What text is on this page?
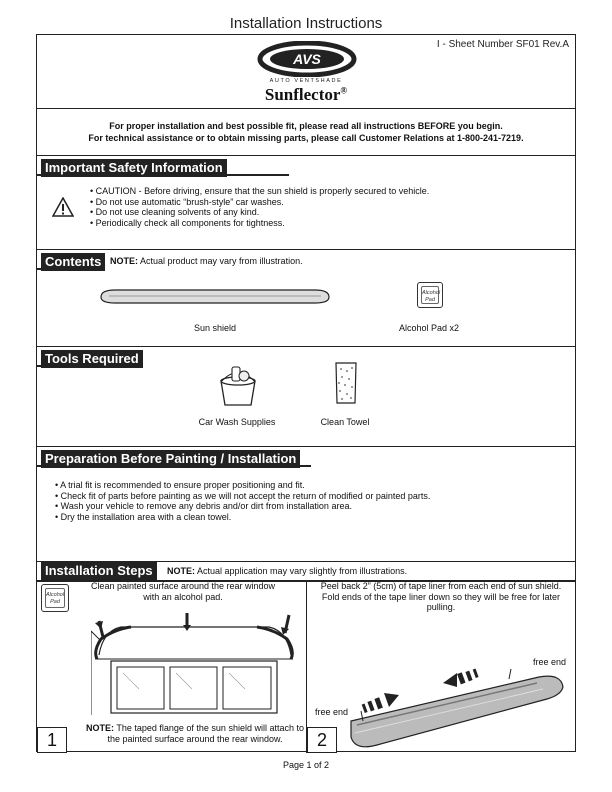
Installation Instructions
I - Sheet Number SF01 Rev.A
AVS
AUTO VENTSHADE
Sunflector®
For proper installation and best possible fit, please read all instructions BEFORE you begin.
For technical assistance or to obtain missing parts, please call Customer Relations at 1-800-241-7219.
Important Safety Information
• CAUTION - Before driving, ensure that the sun shield is properly secured to vehicle.
• Do not use automatic “brush-style” car washes.
• Do not use cleaning solvents of any kind.
• Periodically check all components for tightness.
Contents NOTE: Actual product may vary from illustration.
Sun shield
Alcohol
Pad
Alcohol Pad x2
Tools Required
Car Wash Supplies	Clean Towel
Preparation Before Painting / Installation
• A trial fit is recommended to ensure proper positioning and fit.
• Check fit of parts before painting as we will not accept the return of modified or painted parts.
• Wash your vehicle to remove any debris and/or dirt from installation area.
• Dry the installation area with a clean towel.
Installation Steps	NOTE: Actual application may vary slightly from illustrations.
Alcohol
Pad
Clean painted surface around the rear window with an alcohol pad.
1
NOTE: The taped flange of the sun shield will attach to the painted surface around the rear window.
Peel back 2” (5cm) of tape liner from each end of sun shield. Fold ends of the tape liner down so they will be free for later pulling.
free end
free end
2
Page 1 of 2
